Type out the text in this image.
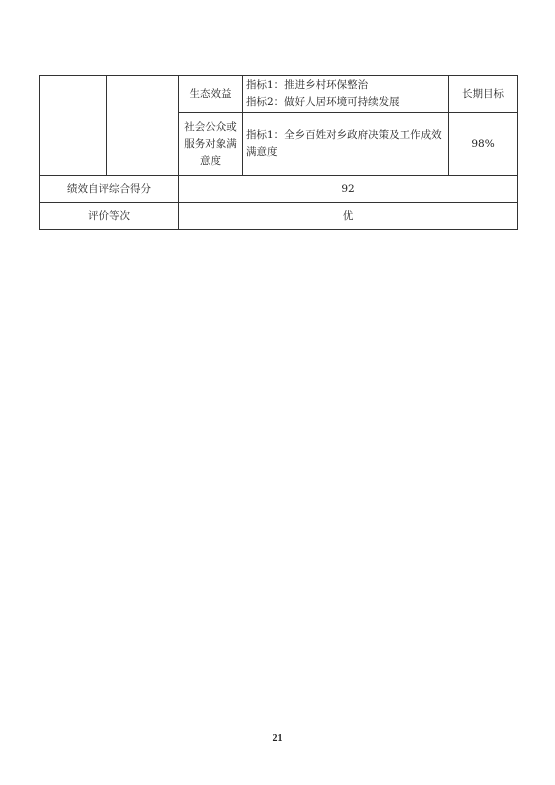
		生态效益	指标1：推进乡村环保整治
指标2：做好人居环境可持续发展	长期目标
		社会公众或服务对象满意度	指标1：全乡百姓对乡政府决策及工作成效满意度	98%
绩效自评综合得分		92		
评价等次		优		
21
